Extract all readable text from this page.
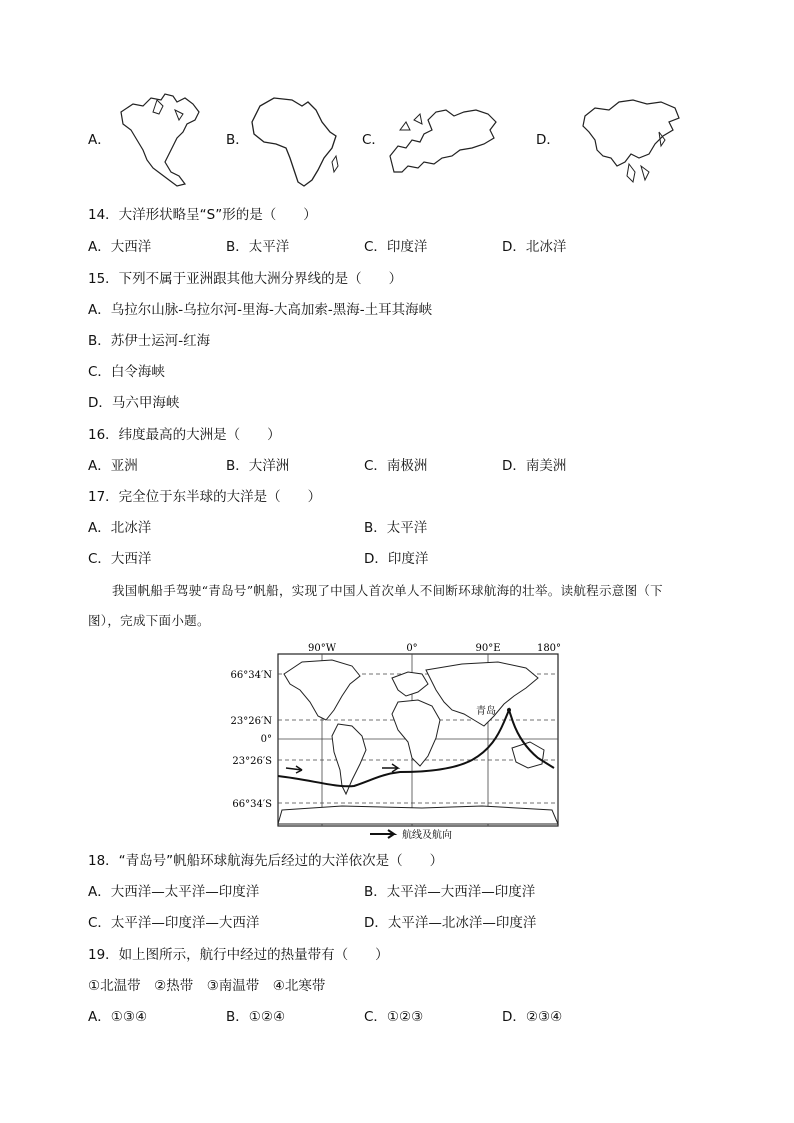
A．	B．	C．	D．
14．大洋形状略呈“S”形的是（　　）
A．大西洋	B．太平洋	C．印度洋	D．北冰洋
15．下列不属于亚洲跟其他大洲分界线的是（　　）
A．乌拉尔山脉-乌拉尔河-里海-大高加索-黑海-土耳其海峡
B．苏伊士运河-红海
C．白令海峡
D．马六甲海峡
16．纬度最高的大洲是（　　）
A．亚洲	B．大洋洲	C．南极洲	D．南美洲
17．完全位于东半球的大洋是（　　）
A．北冰洋	B．太平洋
C．大西洋	D．印度洋
我国帆船手驾驶“青岛号”帆船，实现了中国人首次单人不间断环球航海的壮举。读航程示意图（下
图），完成下面小题。
90°W	0°	90°E	180°
66°34′N
23°26′N
0°
23°26′S
66°34′S
青岛
航线及航向
18．“青岛号”帆船环球航海先后经过的大洋依次是（　　）
A．大西洋—太平洋—印度洋	B．太平洋—大西洋—印度洋
C．太平洋—印度洋—大西洋	D．太平洋—北冰洋—印度洋
19．如上图所示，航行中经过的热量带有（　　）
①北温带　②热带　③南温带　④北寒带
A．①③④	B．①②④	C．①②③	D．②③④
